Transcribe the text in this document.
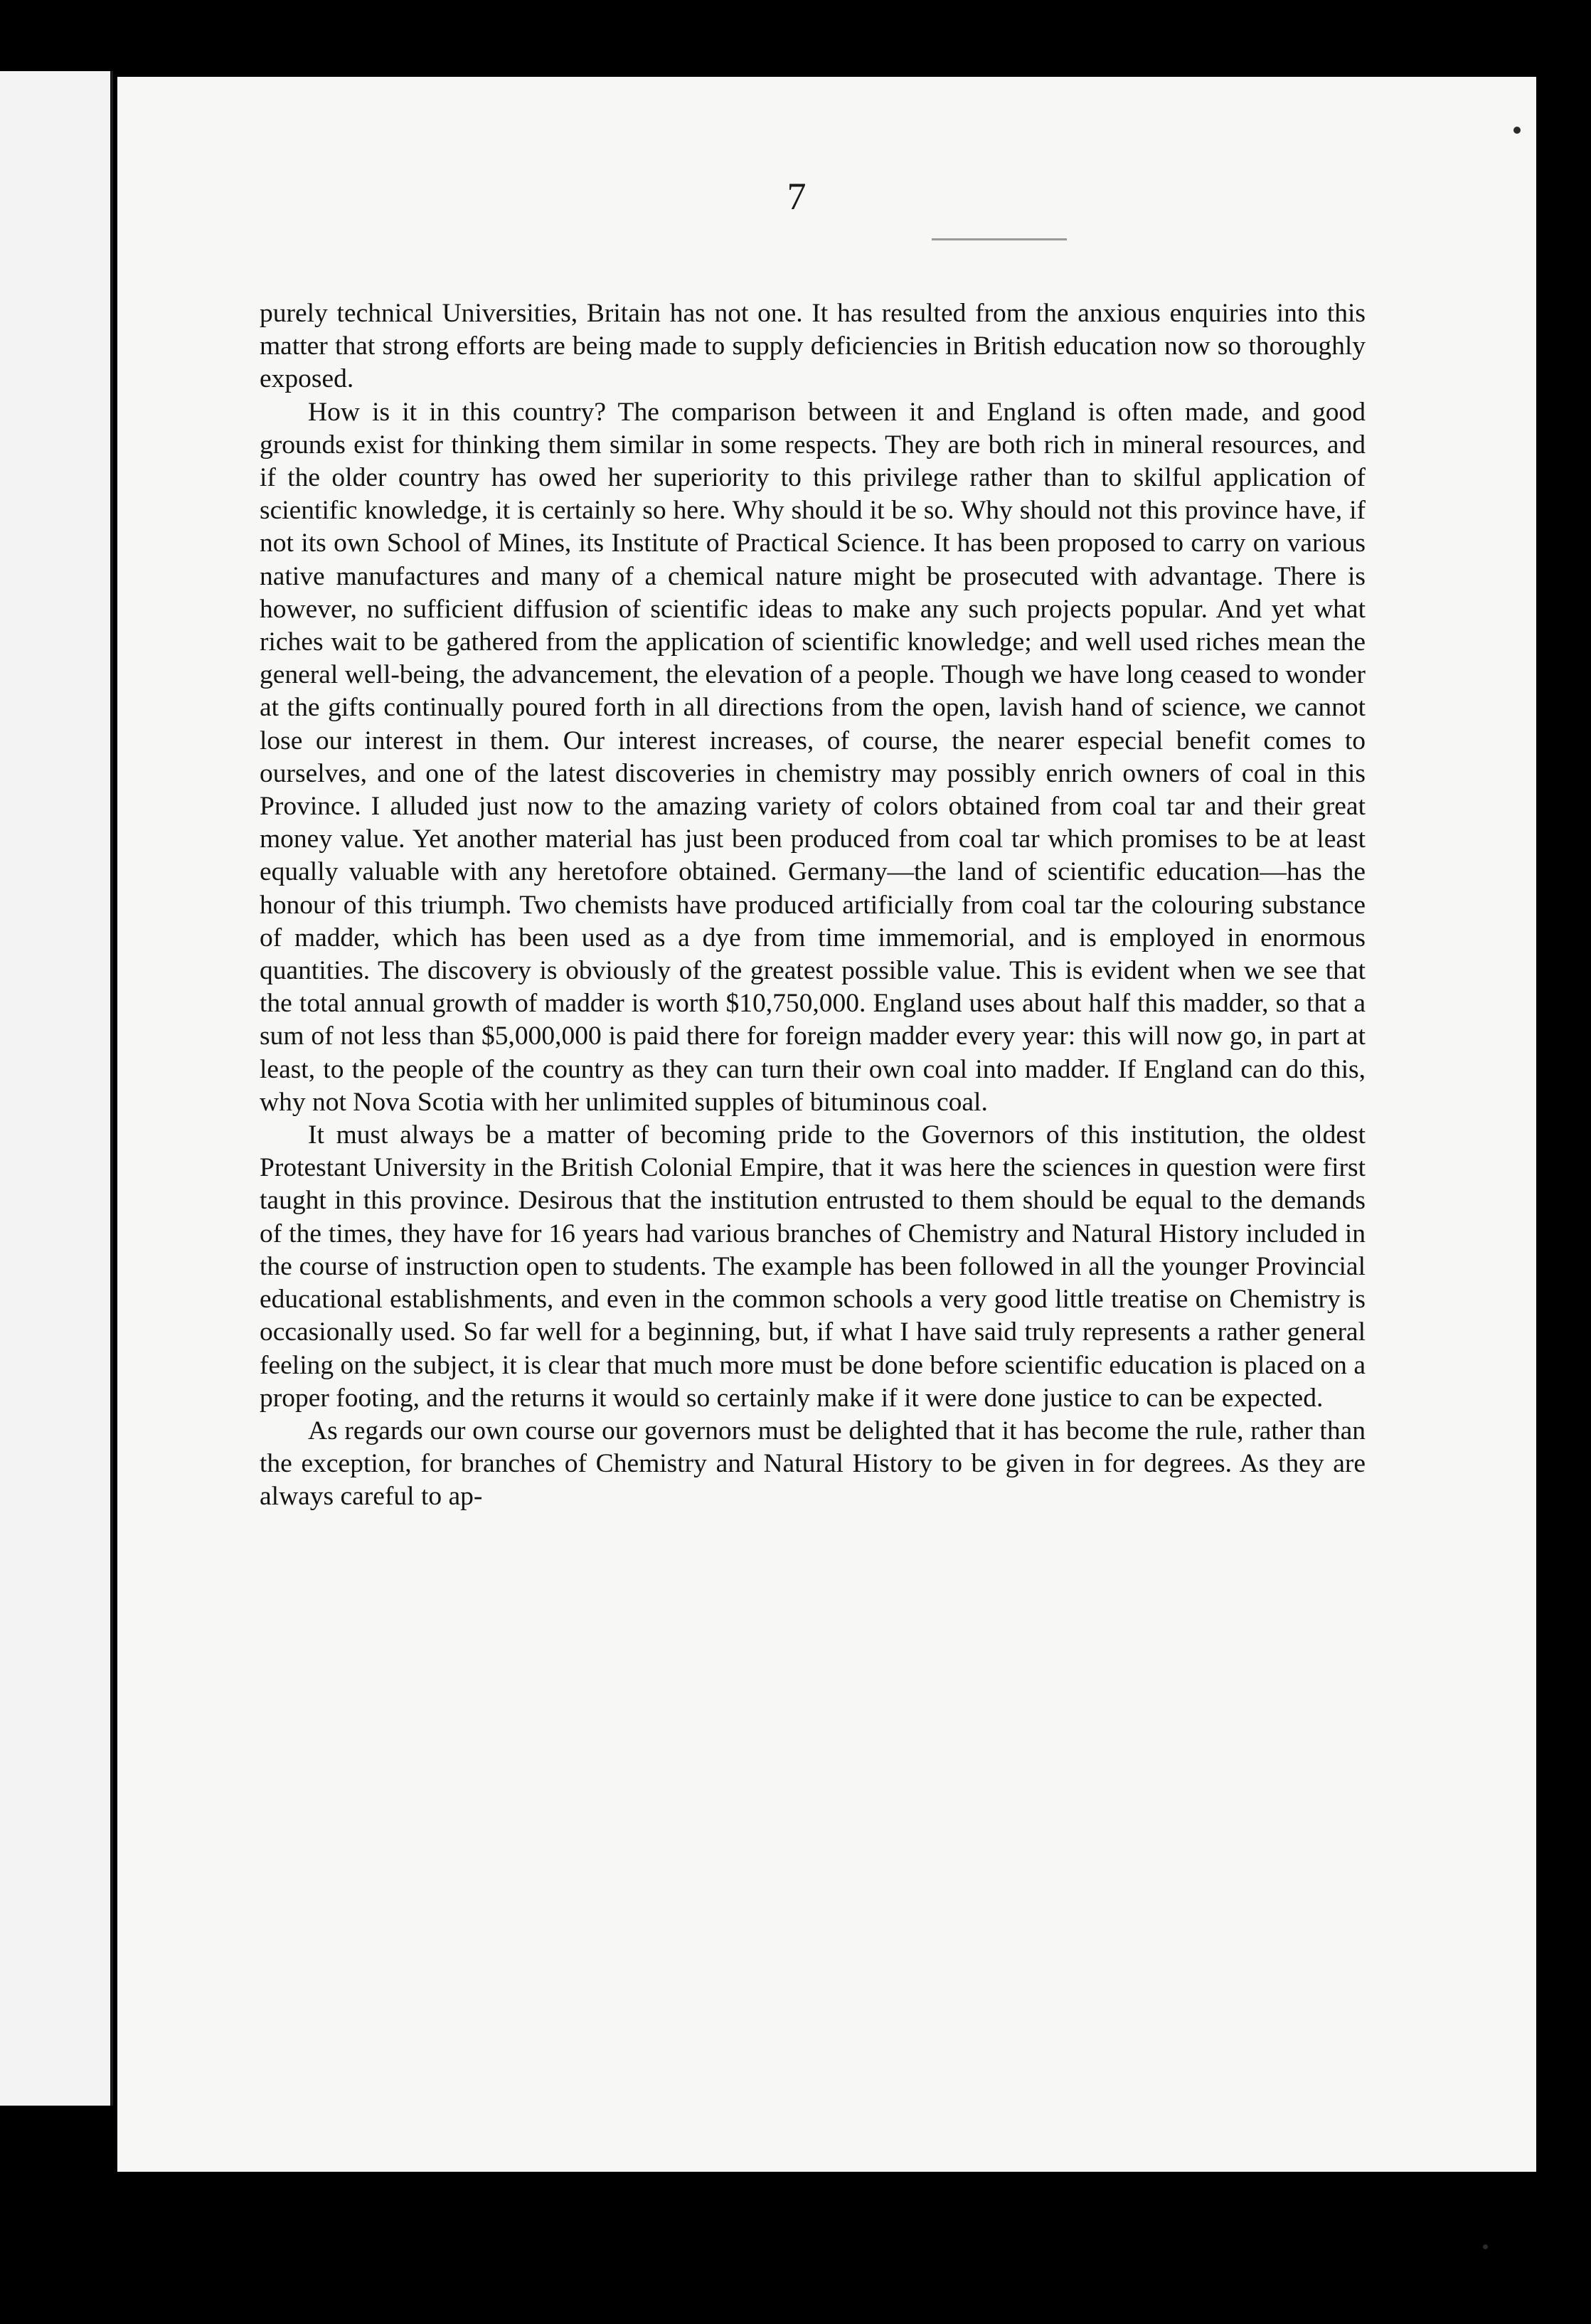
7

purely technical Universities, Britain has not one. It has resulted from the anxious enquiries into this matter that strong efforts are being made to supply deficiencies in British education now so thoroughly exposed.

How is it in this country? The comparison between it and England is often made, and good grounds exist for thinking them similar in some respects. They are both rich in mineral resources, and if the older country has owed her superiority to this privilege rather than to skilful application of scientific knowledge, it is certainly so here. Why should it be so. Why should not this province have, if not its own School of Mines, its Institute of Practical Science. It has been proposed to carry on various native manufactures and many of a chemical nature might be prosecuted with advantage. There is however, no sufficient diffusion of scientific ideas to make any such projects popular. And yet what riches wait to be gathered from the application of scientific knowledge; and well used riches mean the general well-being, the advancement, the elevation of a people. Though we have long ceased to wonder at the gifts continually poured forth in all directions from the open, lavish hand of science, we cannot lose our interest in them. Our interest increases, of course, the nearer especial benefit comes to ourselves, and one of the latest discoveries in chemistry may possibly enrich owners of coal in this Province. I alluded just now to the amazing variety of colors obtained from coal tar and their great money value. Yet another material has just been produced from coal tar which promises to be at least equally valuable with any heretofore obtained. Germany—the land of scientific education—has the honour of this triumph. Two chemists have produced artificially from coal tar the colouring substance of madder, which has been used as a dye from time immemorial, and is employed in enormous quantities. The discovery is obviously of the greatest possible value. This is evident when we see that the total annual growth of madder is worth $10,750,000. England uses about half this madder, so that a sum of not less than $5,000,000 is paid there for foreign madder every year: this will now go, in part at least, to the people of the country as they can turn their own coal into madder. If England can do this, why not Nova Scotia with her unlimited supples of bituminous coal.

It must always be a matter of becoming pride to the Governors of this institution, the oldest Protestant University in the British Colonial Empire, that it was here the sciences in question were first taught in this province. Desirous that the institution entrusted to them should be equal to the demands of the times, they have for 16 years had various branches of Chemistry and Natural History included in the course of instruction open to students. The example has been followed in all the younger Provincial educational establishments, and even in the common schools a very good little treatise on Chemistry is occasionally used. So far well for a beginning, but, if what I have said truly represents a rather general feeling on the subject, it is clear that much more must be done before scientific education is placed on a proper footing, and the returns it would so certainly make if it were done justice to can be expected.

As regards our own course our governors must be delighted that it has become the rule, rather than the exception, for branches of Chemistry and Natural History to be given in for degrees. As they are always careful to ap-
